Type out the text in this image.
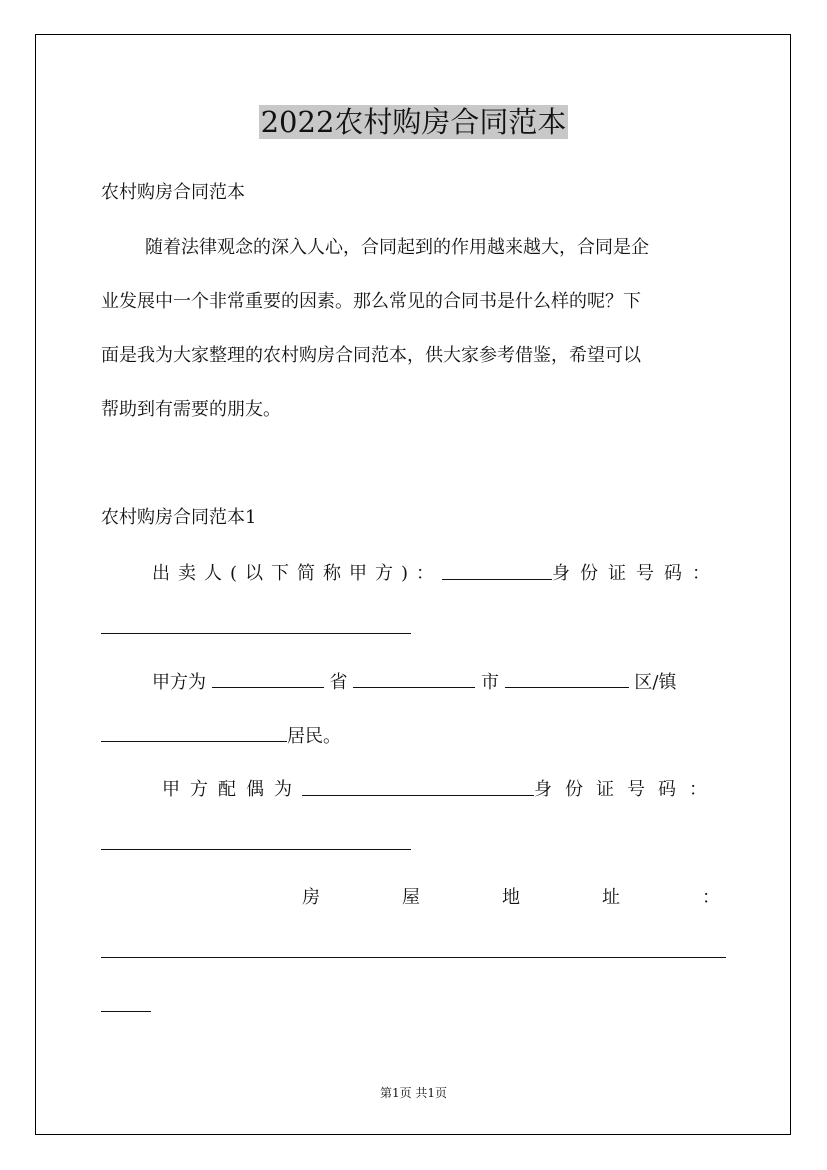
2022农村购房合同范本
农村购房合同范本
随着法律观念的深入人心，合同起到的作用越来越大，合同是企
业发展中一个非常重要的因素。那么常见的合同书是什么样的呢？下
面是我为大家整理的农村购房合同范本，供大家参考借鉴，希望可以
帮助到有需要的朋友。
农村购房合同范本1
出卖人(以下简称甲方)：	身份证号码：
甲方为	省	市	区/镇
居民。
甲方配偶为	身份证号码：
房	屋	地	址	：
第1页 共1页
